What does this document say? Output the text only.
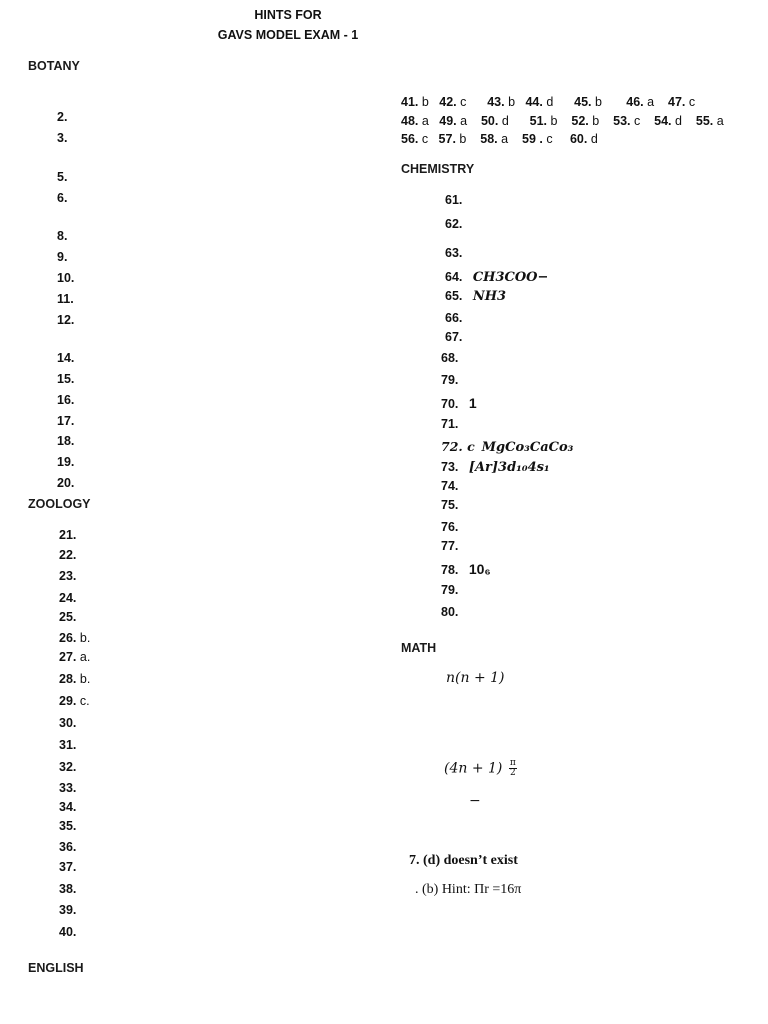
HINTS FOR
GAVS MODEL EXAM - 1
BOTANY
2.
3.
5.
6.
8.
9.
10.
11.
12.
14.
15.
16.
17.
18.
19.
20.
ZOOLOGY
21.
22.
23.
24.
25.
26. b.
27. a.
28. b.
29. c.
30.
31.
32.
33.
34.
35.
36.
37.
38.
39.
40.
ENGLISH
41. b 42. c 43. b 44. d 45. b 46. a 47. c
48. a 49. a 50. d 51. b 52. b 53. c 54. d 55. a
56. c 57. b 58. a 59 . c 60. d
CHEMISTRY
61.
62.
63.
64. CH3COO−
65. NH3
66.
67.
68.
79.
70. 1
71.
72. c MgCo₃CaCo₃
73. [Ar]3d₁₀4s₁
74.
75.
76.
77.
78. 10₆
79.
80.
MATH
n(n + 1)
$(4n + 1) \frac{\pi}{2}$
−
7. (d) doesn’t exist
. (b) Hint: Пr =16π
